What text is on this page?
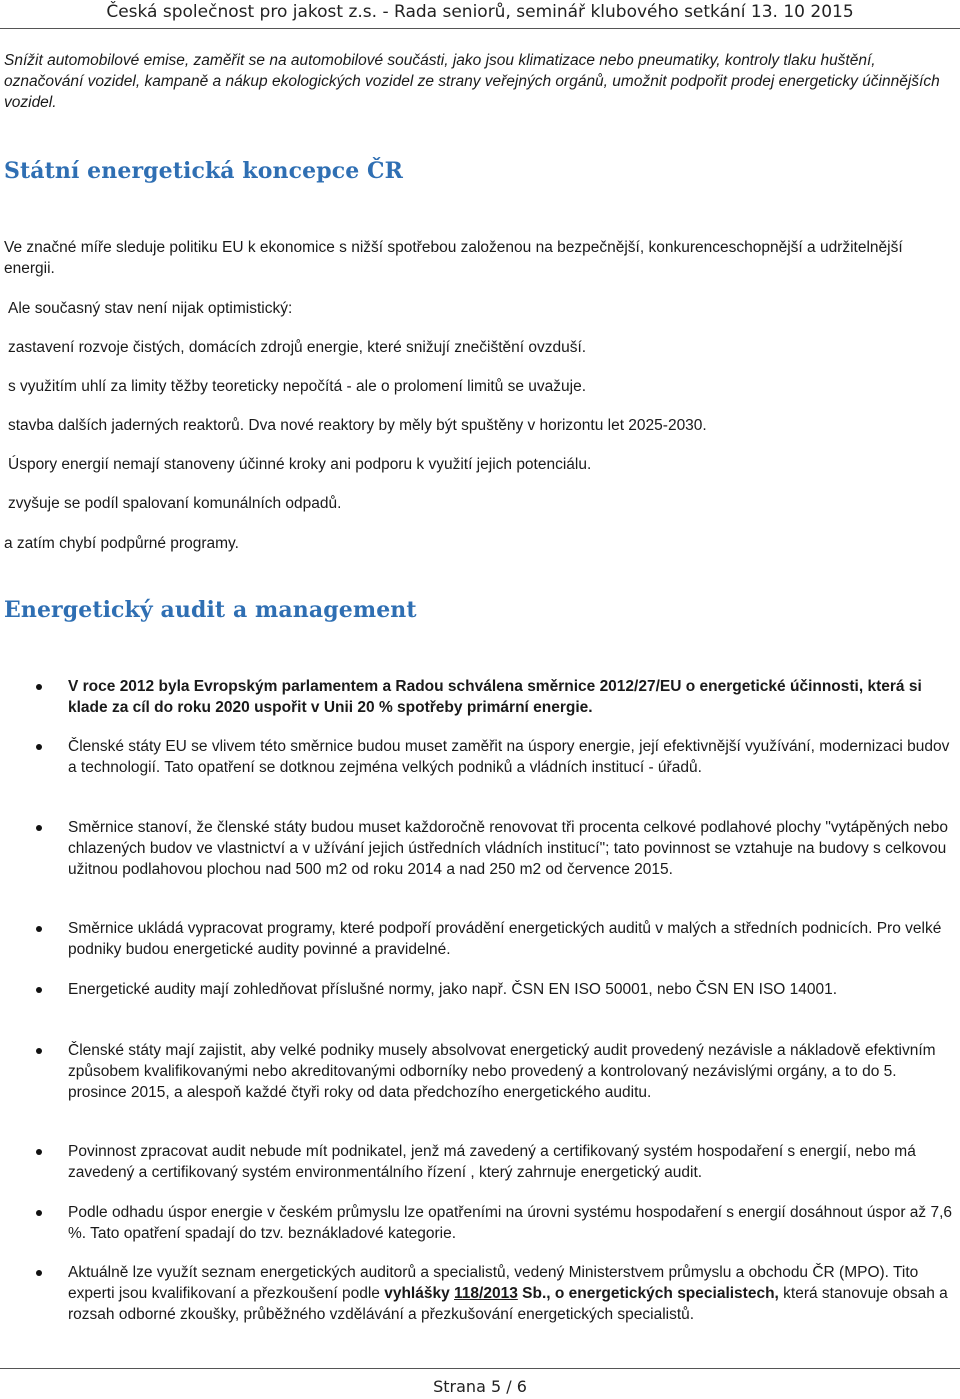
Česká společnost pro jakost z.s. - Rada seniorů, seminář klubového setkání 13. 10 2015

Snížit automobilové emise, zaměřit se na automobilové součásti, jako jsou klimatizace nebo pneumatiky, kontroly tlaku huštění, označování vozidel, kampaně a nákup ekologických vozidel ze strany veřejných orgánů, umožnit podpořit prodej energeticky účinnějších vozidel.

Státní energetická koncepce ČR

Ve značné míře sleduje politiku EU k ekonomice s nižší spotřebou založenou na bezpečnější, konkurenceschopnější a udržitelnější energii.

Ale současný stav není nijak optimistický:

zastavení rozvoje čistých, domácích zdrojů energie, které snižují znečištění ovzduší.

s využitím uhlí za limity těžby teoreticky nepočítá - ale o prolomení limitů se uvažuje.

stavba dalších jaderných reaktorů. Dva nové reaktory by měly být spuštěny v horizontu let 2025-2030.

Úspory energií nemají stanoveny účinné kroky ani podporu k využití jejich potenciálu.

zvyšuje se podíl spalovaní komunálních odpadů.

a zatím chybí podpůrné programy.

Energetický audit a management

V roce 2012 byla Evropským parlamentem a Radou schválena směrnice 2012/27/EU o energetické účinnosti, která si klade za cíl do roku 2020 uspořit v Unii 20 % spotřeby primární energie.

Členské státy EU se vlivem této směrnice budou muset zaměřit na úspory energie, její efektivnější využívání, modernizaci budov a technologií. Tato opatření se dotknou zejména velkých podniků a vládních institucí - úřadů.

Směrnice stanoví, že členské státy budou muset každoročně renovovat tři procenta celkové podlahové plochy "vytápěných nebo chlazených budov ve vlastnictví a v užívání jejich ústředních vládních institucí"; tato povinnost se vztahuje na budovy s celkovou užitnou podlahovou plochou nad 500 m2 od roku 2014 a nad 250 m2 od července 2015.

Směrnice ukládá vypracovat programy, které podpoří provádění energetických auditů v malých a středních podnicích. Pro velké podniky budou energetické audity povinné a pravidelné.

Energetické audity mají zohledňovat příslušné normy, jako např. ČSN EN ISO 50001, nebo ČSN EN ISO 14001.

Členské státy mají zajistit, aby velké podniky musely absolvovat energetický audit provedený nezávisle a nákladově efektivním způsobem kvalifikovanými nebo akreditovanými odborníky nebo provedený a kontrolovaný nezávislými orgány, a to do 5. prosince 2015, a alespoň každé čtyři roky od data předchozího energetického auditu.

Povinnost zpracovat audit nebude mít podnikatel, jenž má zavedený a certifikovaný systém hospodaření s energií, nebo má zavedený a certifikovaný systém environmentálního řízení , který zahrnuje energetický audit.

Podle odhadu úspor energie v českém průmyslu lze opatřeními na úrovni systému hospodaření s energií dosáhnout úspor až 7,6 %. Tato opatření spadají do tzv. beznákladové kategorie.

Aktuálně lze využít seznam energetických auditorů a specialistů, vedený Ministerstvem průmyslu a obchodu ČR (MPO). Tito experti jsou kvalifikovaní a přezkoušení podle vyhlášky 118/2013 Sb., o energetických specialistech, která stanovuje obsah a rozsah odborné zkoušky, průběžného vzdělávání a přezkušování energetických specialistů.

Strana 5 / 6
